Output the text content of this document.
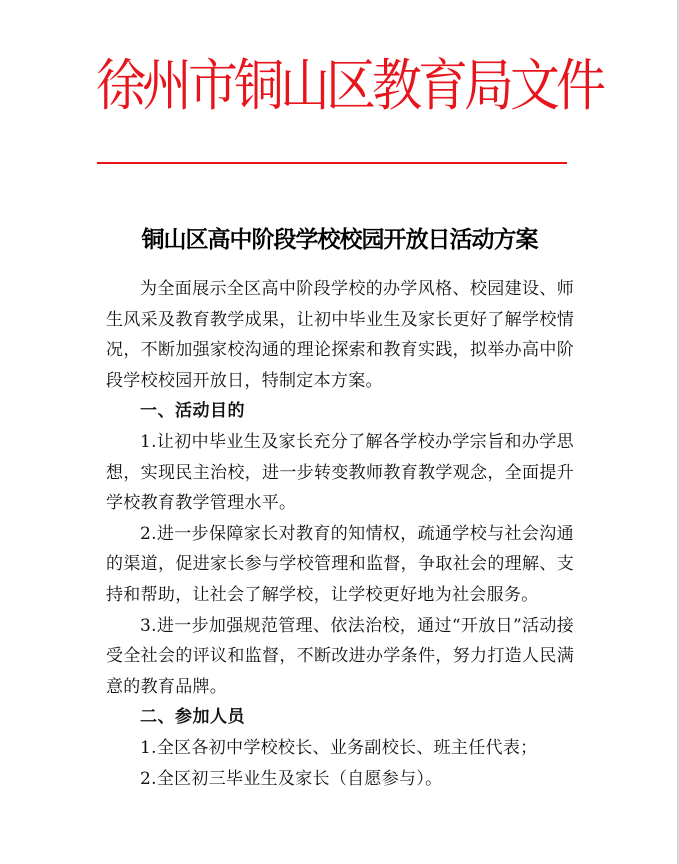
徐州市铜山区教育局文件
铜山区高中阶段学校校园开放日活动方案

为全面展示全区高中阶段学校的办学风格、校园建设、师生风采及教育教学成果，让初中毕业生及家长更好了解学校情况，不断加强家校沟通的理论探索和教育实践，拟举办高中阶段学校校园开放日，特制定本方案。

一、活动目的

1.让初中毕业生及家长充分了解各学校办学宗旨和办学思想，实现民主治校，进一步转变教师教育教学观念，全面提升学校教育教学管理水平。

2.进一步保障家长对教育的知情权，疏通学校与社会沟通的渠道，促进家长参与学校管理和监督，争取社会的理解、支持和帮助，让社会了解学校，让学校更好地为社会服务。

3.进一步加强规范管理、依法治校，通过“开放日”活动接受全社会的评议和监督，不断改进办学条件，努力打造人民满意的教育品牌。

二、参加人员

1.全区各初中学校校长、业务副校长、班主任代表；

2.全区初三毕业生及家长（自愿参与）。
